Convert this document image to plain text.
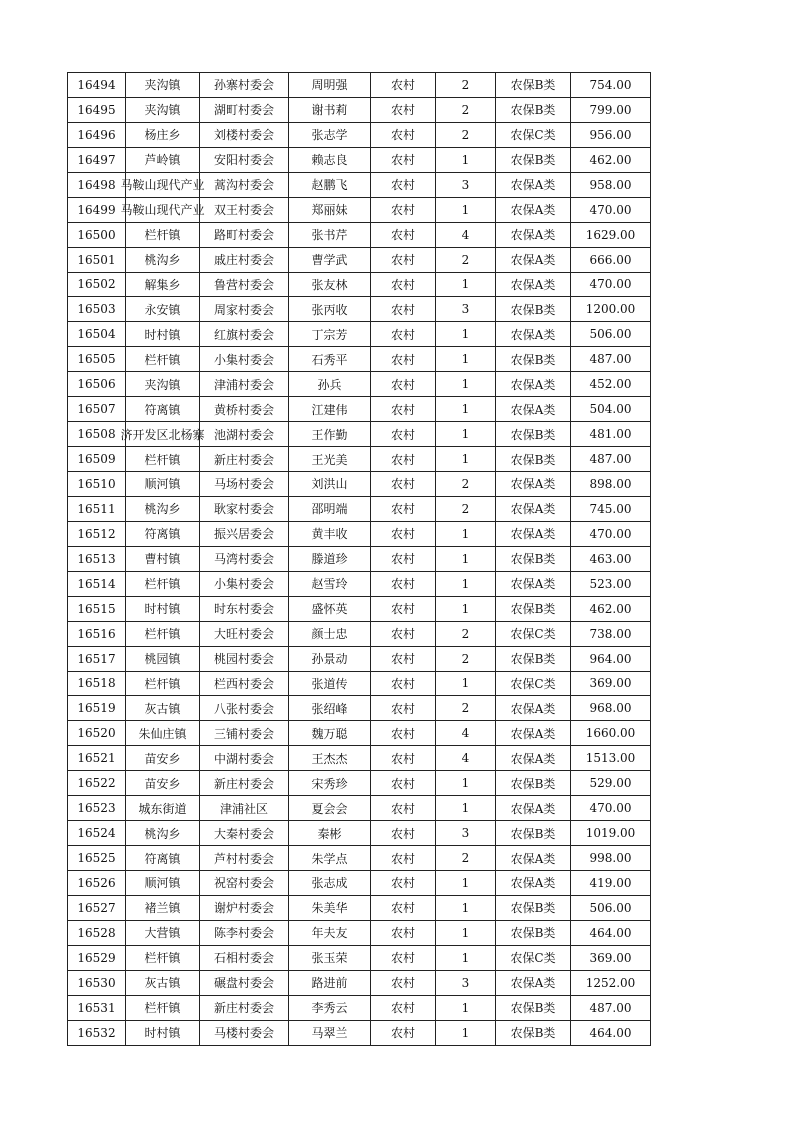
16494	夹沟镇	孙寨村委会	周明强	农村	2	农保B类	754.00
16495	夹沟镇	湖町村委会	谢书莉	农村	2	农保B类	799.00
16496	杨庄乡	刘楼村委会	张志学	农村	2	农保C类	956.00
16497	芦岭镇	安阳村委会	赖志良	农村	1	农保B类	462.00
16498	马鞍山现代产业	蒿沟村委会	赵鹏飞	农村	3	农保A类	958.00
16499	马鞍山现代产业	双王村委会	郑丽妹	农村	1	农保A类	470.00
16500	栏杆镇	路町村委会	张书芹	农村	4	农保A类	1629.00
16501	桃沟乡	戚庄村委会	曹学武	农村	2	农保A类	666.00
16502	解集乡	鲁营村委会	张友林	农村	1	农保A类	470.00
16503	永安镇	周家村委会	张丙收	农村	3	农保B类	1200.00
16504	时村镇	红旗村委会	丁宗芳	农村	1	农保A类	506.00
16505	栏杆镇	小集村委会	石秀平	农村	1	农保B类	487.00
16506	夹沟镇	津浦村委会	孙兵	农村	1	农保A类	452.00
16507	符离镇	黄桥村委会	江建伟	农村	1	农保A类	504.00
16508	济开发区北杨寨	池湖村委会	王作勤	农村	1	农保B类	481.00
16509	栏杆镇	新庄村委会	王光美	农村	1	农保B类	487.00
16510	顺河镇	马场村委会	刘洪山	农村	2	农保A类	898.00
16511	桃沟乡	耿家村委会	邵明端	农村	2	农保A类	745.00
16512	符离镇	振兴居委会	黄丰收	农村	1	农保A类	470.00
16513	曹村镇	马湾村委会	滕道珍	农村	1	农保B类	463.00
16514	栏杆镇	小集村委会	赵雪玲	农村	1	农保A类	523.00
16515	时村镇	时东村委会	盛怀英	农村	1	农保B类	462.00
16516	栏杆镇	大旺村委会	颜士忠	农村	2	农保C类	738.00
16517	桃园镇	桃园村委会	孙景动	农村	2	农保B类	964.00
16518	栏杆镇	栏西村委会	张道传	农村	1	农保C类	369.00
16519	灰古镇	八张村委会	张绍峰	农村	2	农保A类	968.00
16520	朱仙庄镇	三铺村委会	魏万聪	农村	4	农保A类	1660.00
16521	苗安乡	中湖村委会	王杰杰	农村	4	农保A类	1513.00
16522	苗安乡	新庄村委会	宋秀珍	农村	1	农保B类	529.00
16523	城东街道	津浦社区	夏会会	农村	1	农保A类	470.00
16524	桃沟乡	大秦村委会	秦彬	农村	3	农保B类	1019.00
16525	符离镇	芦村村委会	朱学点	农村	2	农保A类	998.00
16526	顺河镇	祝窑村委会	张志成	农村	1	农保A类	419.00
16527	褚兰镇	谢炉村委会	朱美华	农村	1	农保B类	506.00
16528	大营镇	陈李村委会	年夫友	农村	1	农保B类	464.00
16529	栏杆镇	石相村委会	张玉荣	农村	1	农保C类	369.00
16530	灰古镇	碾盘村委会	路进前	农村	3	农保A类	1252.00
16531	栏杆镇	新庄村委会	李秀云	农村	1	农保B类	487.00
16532	时村镇	马楼村委会	马翠兰	农村	1	农保B类	464.00
